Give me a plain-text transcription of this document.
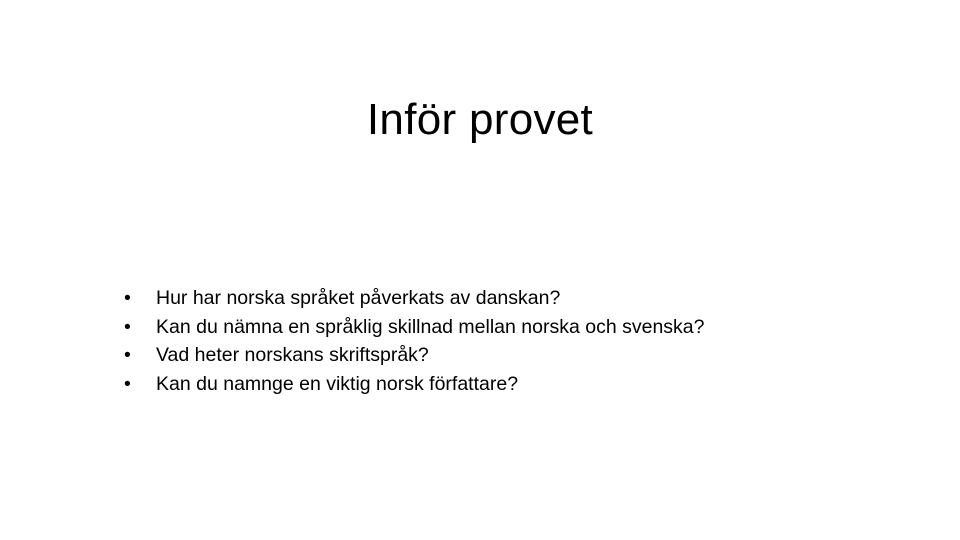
Inför provet
• Hur har norska språket påverkats av danskan?
• Kan du nämna en språklig skillnad mellan norska och svenska?
• Vad heter norskans skriftspråk?
• Kan du namnge en viktig norsk författare?
